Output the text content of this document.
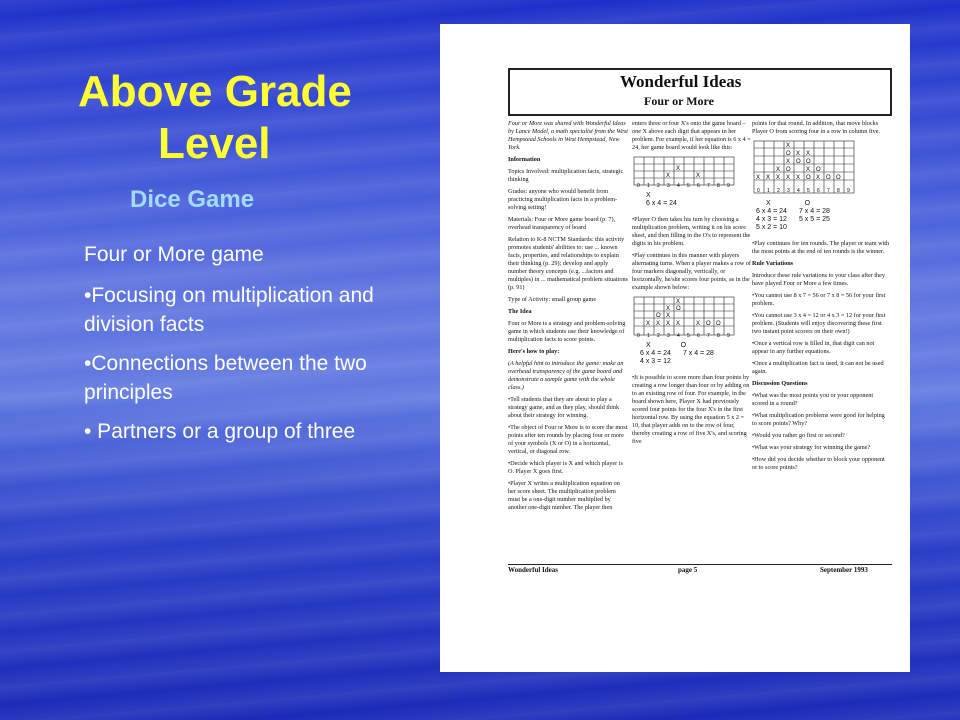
Above Grade
Level
Dice Game
Four or More game
•Focusing on multiplication and division facts
•Connections between the two principles
• Partners or a group of three
Wonderful Ideas
Four or More

Four or More was shared with Wonderful Ideas by Lance Model, a math specialist from the West Hempstead Schools in West Hempstead, New York.

Information

Topics Involved: multiplication facts, strategic thinking

Grades: anyone who would benefit from practicing multiplication facts in a problem-solving setting!

Materials: Four or More game board (p. 7), overhead transparency of board

Relation to K-8 NCTM Standards: this activity promotes students' abilities to: use ... known facts, properties, and relationships to explain their thinking (p. 29); develop and apply number theory concepts (e.g. ...factors and multiples) in ... mathematical problem situations (p. 91)

Type of Activity: small group game

The Idea

Four or More is a strategy and problem-solving game in which students use their knowledge of multiplication facts to score points.

Here's how to play:

(A helpful hint to introduce the game: make an overhead transparency of the game board and demonstrate a sample game with the whole class.)

•Tell students that they are about to play a strategy game, and as they play, should think about their strategy for winning.

•The object of Four or More is to score the most points after ten rounds by placing four or more of your symbols (X or O) in a horizontal, vertical, or diagonal row.

•Decide which player is X and which player is O. Player X goes first.

•Player X writes a multiplication equation on her score sheet. The multiplication problem must be a one-digit number multiplied by another one-digit number. The player then

enters three or four X's onto the game board – one X above each digit that appears in her problem. For example, if her equation is 6 x 4 = 24, her game board would look like this:

X
X	X
0 1 2 3 4 5 6 7 8 9
X
6 x 4 = 24

•Player O then takes his turn by choosing a multiplication problem, writing it on his score sheet, and then filling in the O's to represent the digits in his problem.

•Play continues in this manner with players alternating turns. When a player makes a row of four markers diagonally, vertically, or horizontally, he/she scores four points, as in the example shown below:

X
X O
O X
X X X X	X O O
0 1 2 3 4 5 6 7 8 9
X	O
6 x 4 = 24 7 x 4 = 28
4 x 3 = 12

•It is possible to score more than four points by creating a row longer than four or by adding on to an existing row of four. For example, in the board shown here, Player X had previously scored four points for the four X's in the first horizontal row. By using the equation 5 x 2 = 10, that player adds on to the row of four, thereby creating a row of five X's, and scoring five

points for that round. In addition, that move blocks Player O from scoring four in a row in column five.

X
O X X
X O O
X O	X O
X X X X X O X O O
0 1 2 3 4 5 6 7 8 9
X	O
6 x 4 = 24 7 x 4 = 28
4 x 3 = 12 5 x 5 = 25
5 x 2 = 10

•Play continues for ten rounds. The player or team with the most points at the end of ten rounds is the winner.

Rule Variations

Introduce these rule variations to your class after they have played Four or More a few times.

•You cannot use 8 x 7 = 56 or 7 x 8 = 56 for your first problem.

•You cannot use 3 x 4 = 12 or 4 x 3 = 12 for your first problem. (Students will enjoy discovering these first two instant point scorers on their own!)

•Once a vertical row is filled in, that digit can not appear in any further equations.

•Once a multiplication fact is used, it can not be used again.

Discussion Questions

•What was the most points you or your opponent scored in a round?

•What multiplication problems were good for helping to score points? Why?

•Would you rather go first or second?

•What was your strategy for winning the game?

•How did you decide whether to block your opponent or to score points?

Wonderful Ideas	page 5	September 1993
